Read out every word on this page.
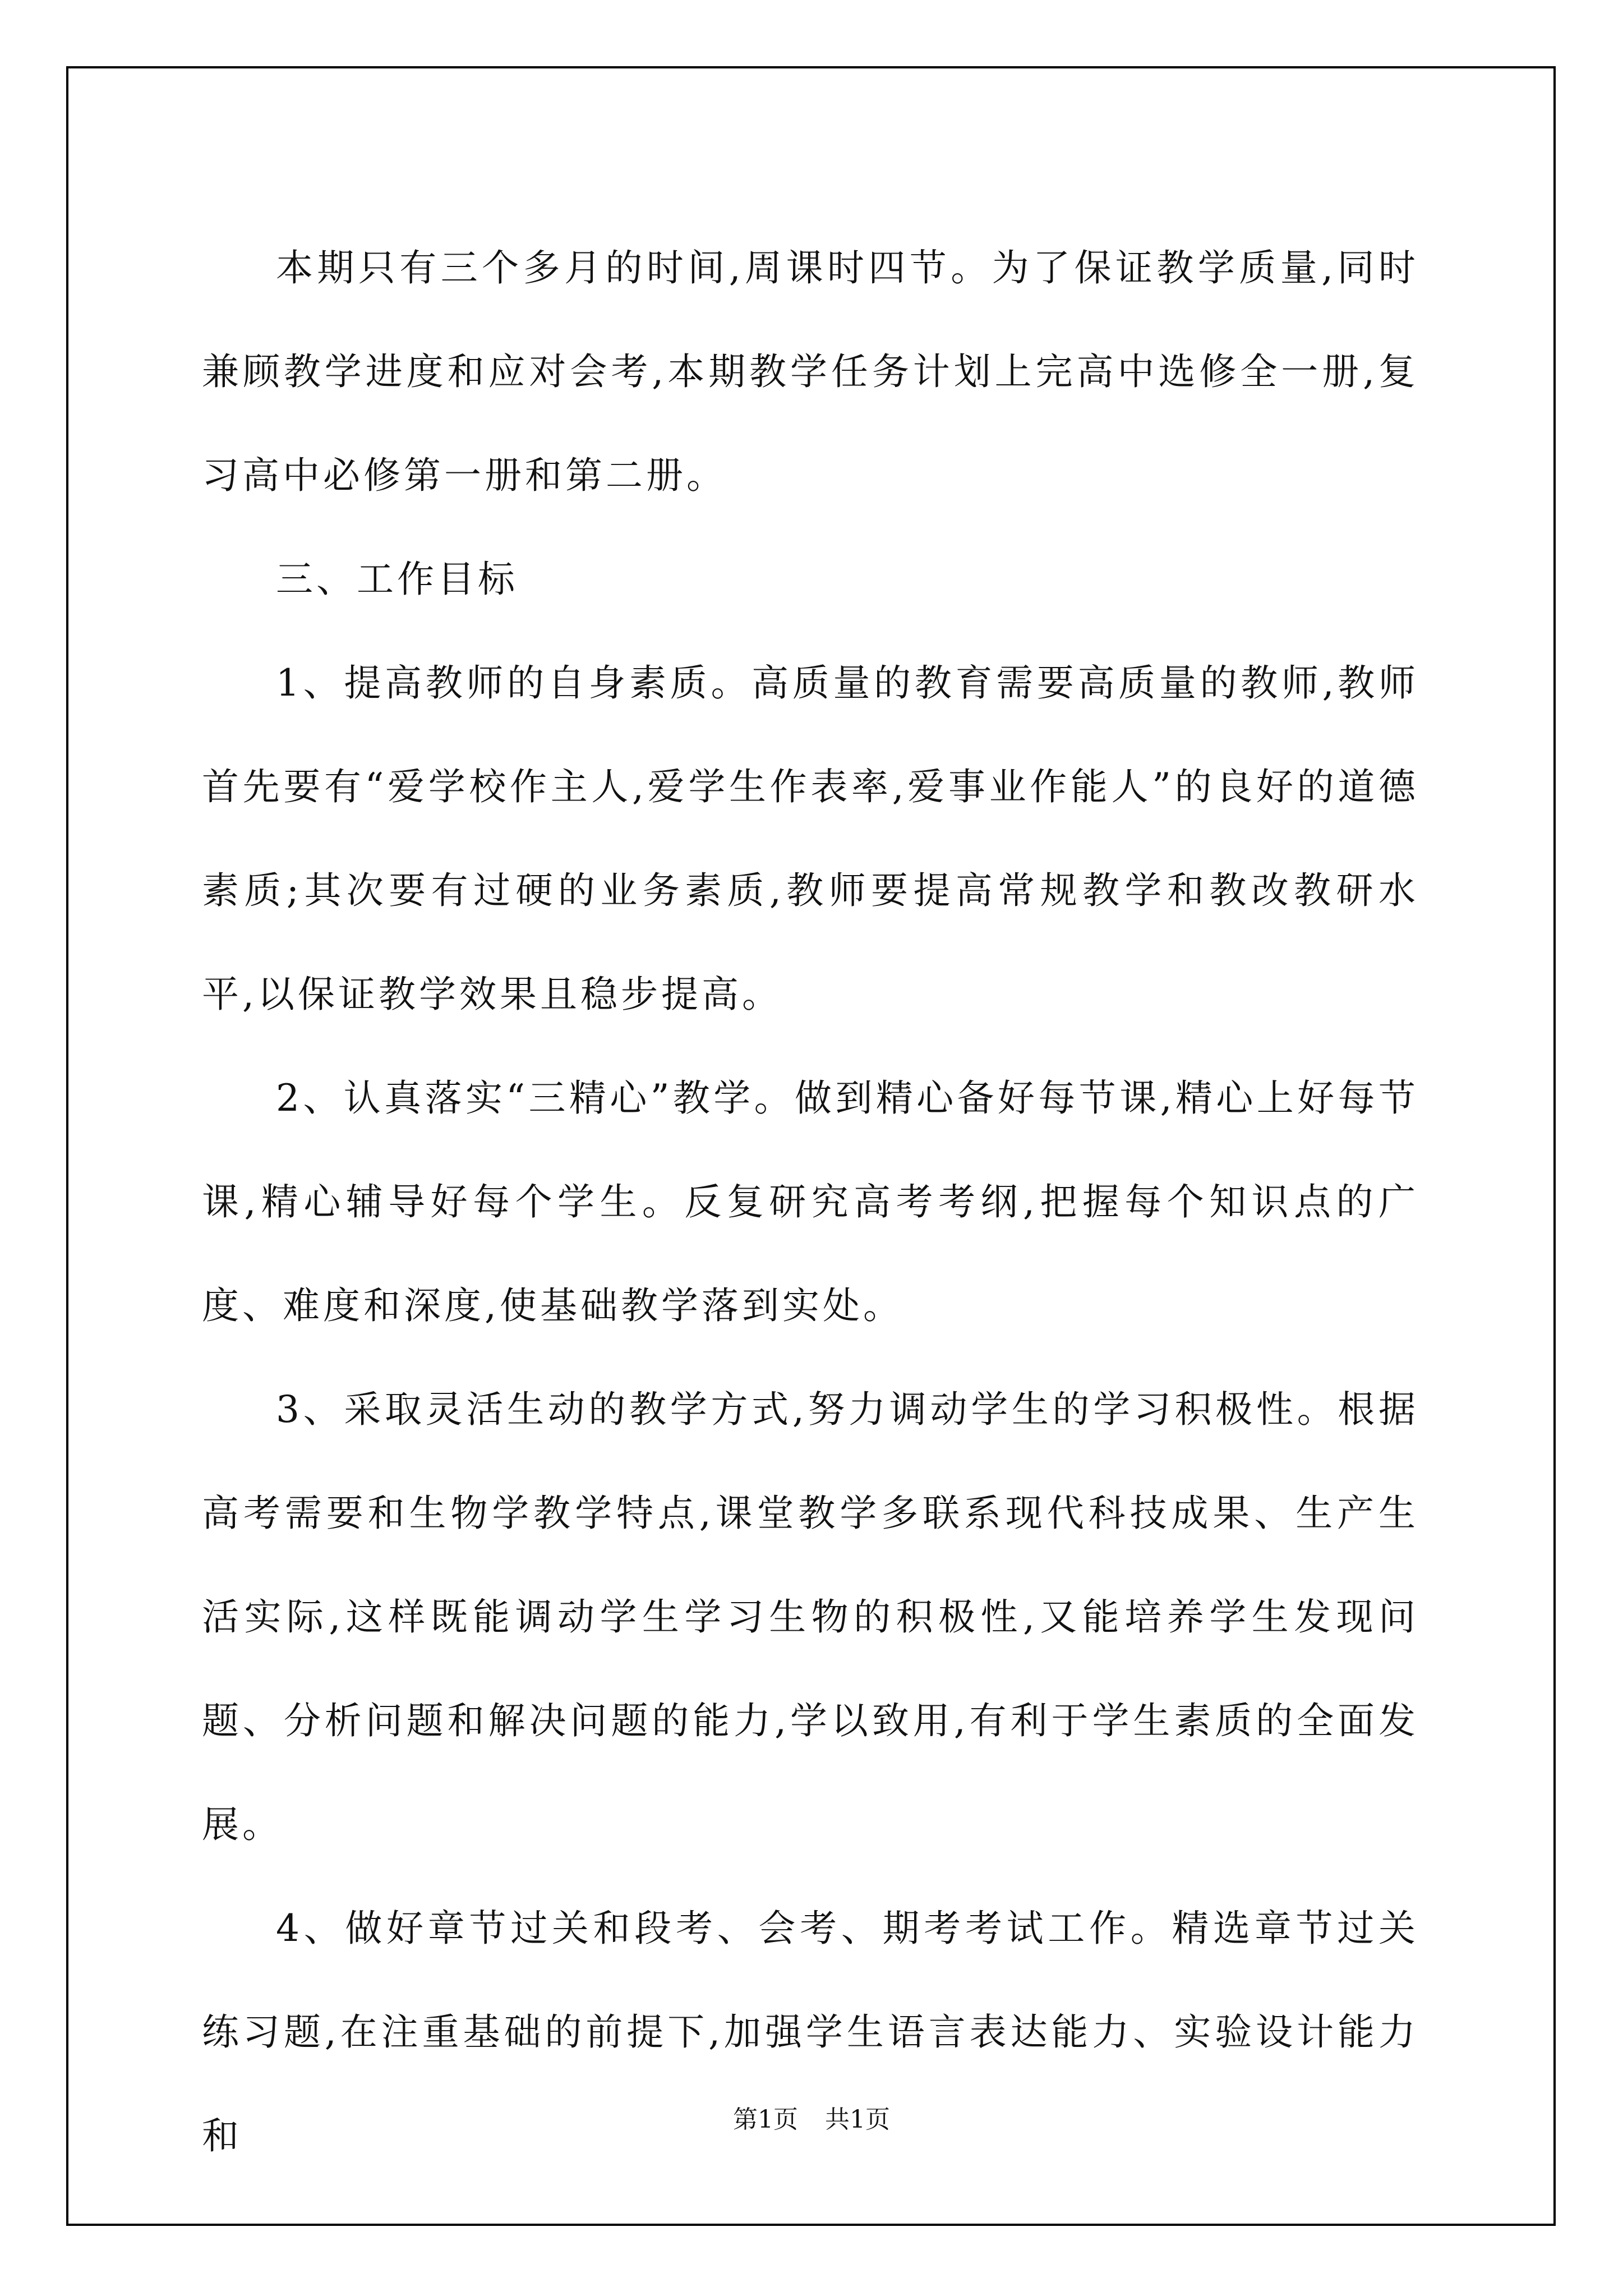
本期只有三个多月的时间,周课时四节。为了保证教学质量,同时兼顾教学进度和应对会考,本期教学任务计划上完高中选修全一册,复习高中必修第一册和第二册。

三、工作目标

1、提高教师的自身素质。高质量的教育需要高质量的教师,教师首先要有“爱学校作主人,爱学生作表率,爱事业作能人”的良好的道德素质;其次要有过硬的业务素质,教师要提高常规教学和教改教研水平,以保证教学效果且稳步提高。

2、认真落实“三精心”教学。做到精心备好每节课,精心上好每节课,精心辅导好每个学生。反复研究高考考纲,把握每个知识点的广度、难度和深度,使基础教学落到实处。

3、采取灵活生动的教学方式,努力调动学生的学习积极性。根据高考需要和生物学教学特点,课堂教学多联系现代科技成果、生产生活实际,这样既能调动学生学习生物的积极性,又能培养学生发现问题、分析问题和解决问题的能力,学以致用,有利于学生素质的全面发展。

4、做好章节过关和段考、会考、期考考试工作。精选章节过关练习题,在注重基础的前提下,加强学生语言表达能力、实验设计能力和	第1页 共1页
